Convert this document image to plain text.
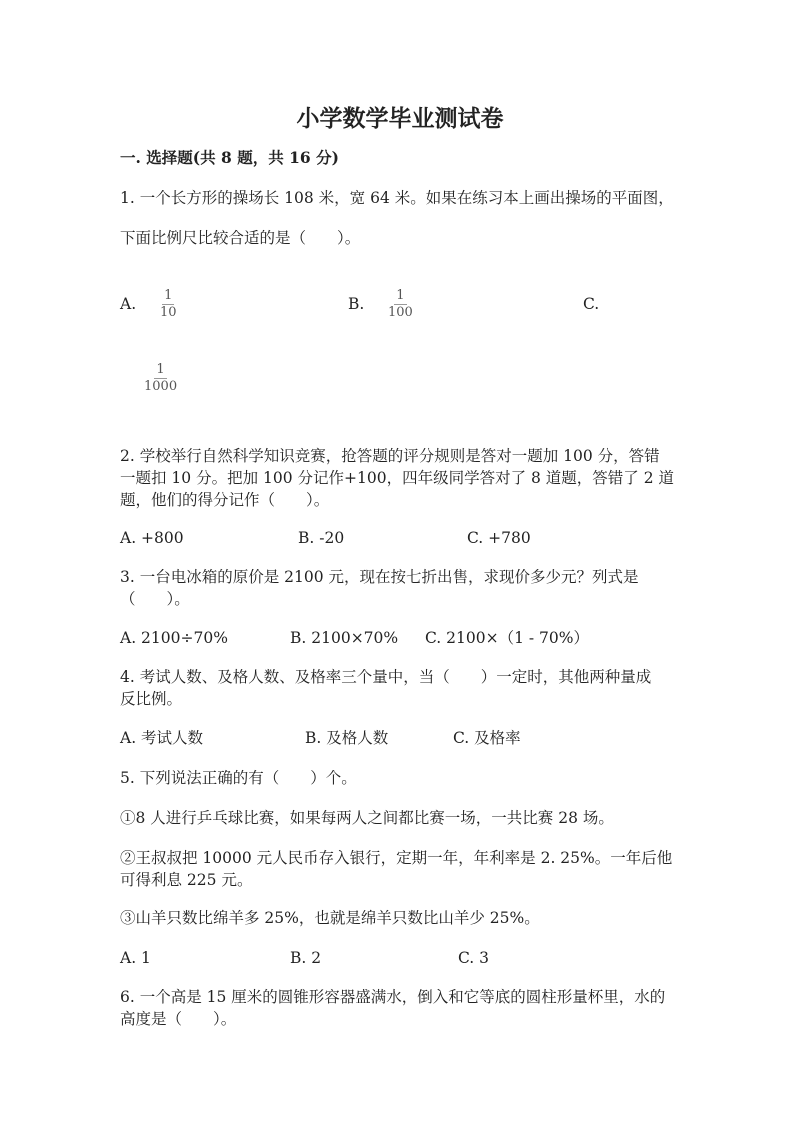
小学数学毕业测试卷
一. 选择题(共 8 题，共 16 分)
1. 一个长方形的操场长 108 米，宽 64 米。如果在练习本上画出操场的平面图，
下面比例尺比较合适的是（　　）。
A. $\frac{1}{10}$	B. $\frac{1}{100}$	C.
$\frac{1}{1000}$
2. 学校举行自然科学知识竞赛，抢答题的评分规则是答对一题加 100 分，答错
一题扣 10 分。把加 100 分记作+100，四年级同学答对了 8 道题，答错了 2 道
题，他们的得分记作（　　）。
A. +800	B. -20	C. +780
3. 一台电冰箱的原价是 2100 元，现在按七折出售，求现价多少元？列式是
（　　）。
A. 2100÷70%	B. 2100×70% C. 2100×（1 - 70%）
4. 考试人数、及格人数、及格率三个量中，当（　　）一定时，其他两种量成
反比例。
A. 考试人数	B. 及格人数	C. 及格率
5. 下列说法正确的有（　　）个。
①8 人进行乒乓球比赛，如果每两人之间都比赛一场，一共比赛 28 场。
②王叔叔把 10000 元人民币存入银行，定期一年，年利率是 2. 25%。一年后他
可得利息 225 元。
③山羊只数比绵羊多 25%，也就是绵羊只数比山羊少 25%。
A. 1	B. 2	C. 3
6. 一个高是 15 厘米的圆锥形容器盛满水，倒入和它等底的圆柱形量杯里，水的
高度是（　　）。
